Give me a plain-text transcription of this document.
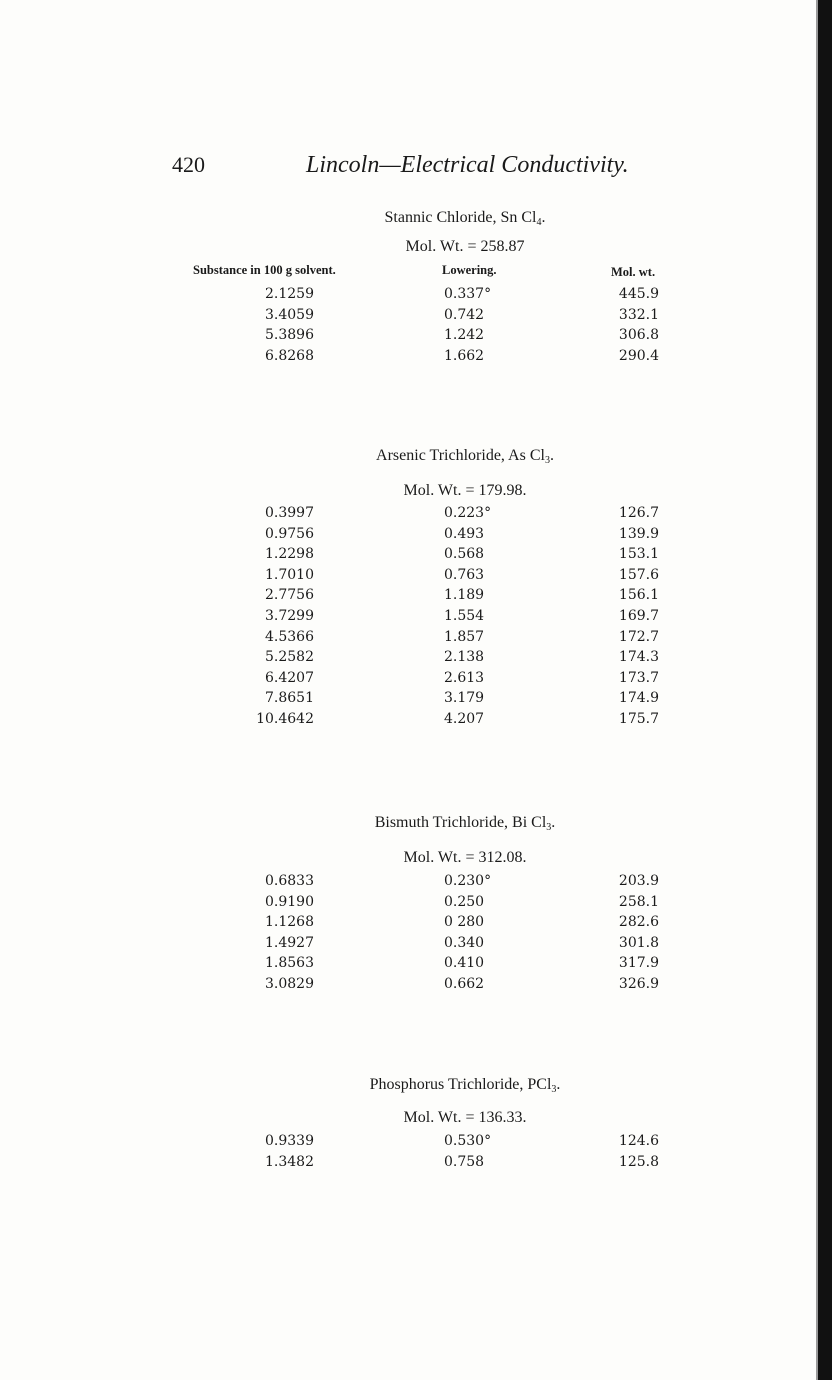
420	Lincoln—Electrical Conductivity.
Stannic Chloride, Sn $Cl_4$.
Mol. Wt. = 258.87
Substance in 100 g solvent.	Lowering.	Mol. wt.
2.1259	0.337°	445.9
3.4059	0.742	332.1
5.3896	1.242	306.8
6.8268	1.662	290.4
Arsenic Trichloride, As $Cl_3$.
Mol. Wt. = 179.98.
0.3997	0.223°	126.7
0.9756	0.493	139.9
1.2298	0.568	153.1
1.7010	0.763	157.6
2.7756	1.189	156.1
3.7299	1.554	169.7
4.5366	1.857	172.7
5.2582	2.138	174.3
6.4207	2.613	173.7
7.8651	3.179	174.9
10.4642	4.207	175.7
Bismuth Trichloride, Bi $Cl_3$.
Mol. Wt. = 312.08.
0.6833	0.230°	203.9
0.9190	0.250	258.1
1.1268	0 280	282.6
1.4927	0.340	301.8
1.8563	0.410	317.9
3.0829	0.662	326.9
Phosphorus Trichloride, PCl$_3$.
Mol. Wt. = 136.33.
0.9339	0.530°	124.6
1.3482	0.758	125.8
